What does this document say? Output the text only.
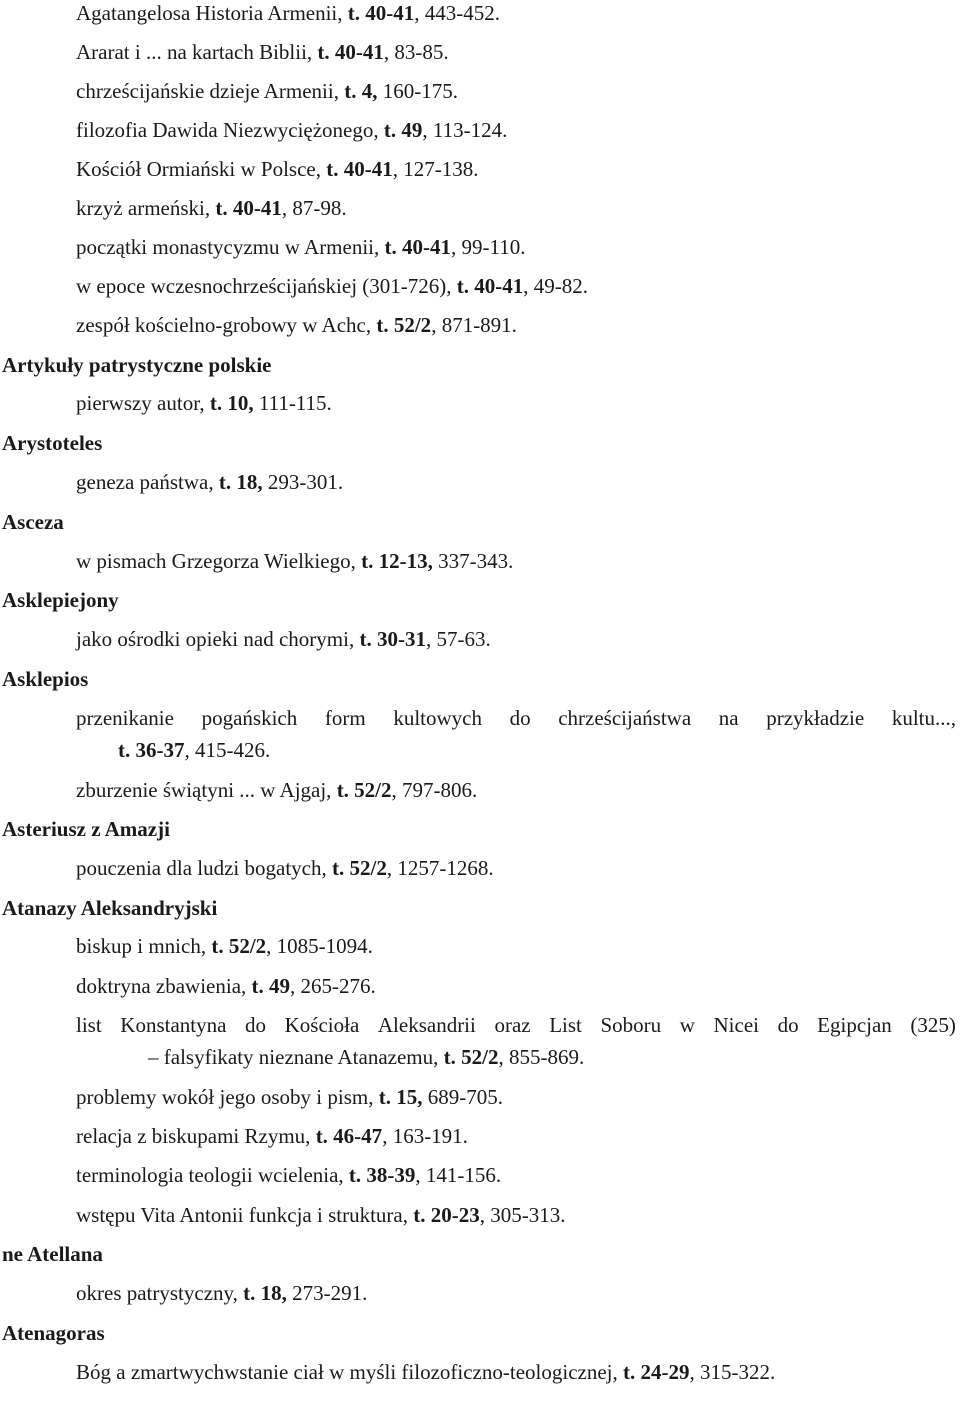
Agatangelosa Historia Armenii, t. 40-41, 443-452.
Ararat i ... na kartach Biblii, t. 40-41, 83-85.
chrześcijańskie dzieje Armenii, t. 4, 160-175.
filozofia Dawida Niezwyciężonego, t. 49, 113-124.
Kościół Ormiański w Polsce, t. 40-41, 127-138.
krzyż armeński, t. 40-41, 87-98.
początki monastycyzmu w Armenii, t. 40-41, 99-110.
w epoce wczesnochrześcijańskiej (301-726), t. 40-41, 49-82.
zespół kościelno-grobowy w Achc, t. 52/2, 871-891.
Artykuły patrystyczne polskie
pierwszy autor, t. 10, 111-115.
Arystoteles
geneza państwa, t. 18, 293-301.
Asceza
w pismach Grzegorza Wielkiego, t. 12-13, 337-343.
Asklepiejony
jako ośrodki opieki nad chorymi, t. 30-31, 57-63.
Asklepios
przenikanie pogańskich form kultowych do chrześcijaństwa na przykładzie kultu...,
t. 36-37, 415-426.
zburzenie świątyni ... w Ajgaj, t. 52/2, 797-806.
Asteriusz z Amazji
pouczenia dla ludzi bogatych, t. 52/2, 1257-1268.
Atanazy Aleksandryjski
biskup i mnich, t. 52/2, 1085-1094.
doktryna zbawienia, t. 49, 265-276.
list Konstantyna do Kościoła Aleksandrii oraz List Soboru w Nicei do Egipcjan (325)
– falsyfikaty nieznane Atanazemu, t. 52/2, 855-869.
problemy wokół jego osoby i pism, t. 15, 689-705.
relacja z biskupami Rzymu, t. 46-47, 163-191.
terminologia teologii wcielenia, t. 38-39, 141-156.
wstępu Vita Antonii funkcja i struktura, t. 20-23, 305-313.
ne Atellana
okres patrystyczny, t. 18, 273-291.
Atenagoras
Bóg a zmartwychwstanie ciał w myśli filozoficzno-teologicznej, t. 24-29, 315-322.
